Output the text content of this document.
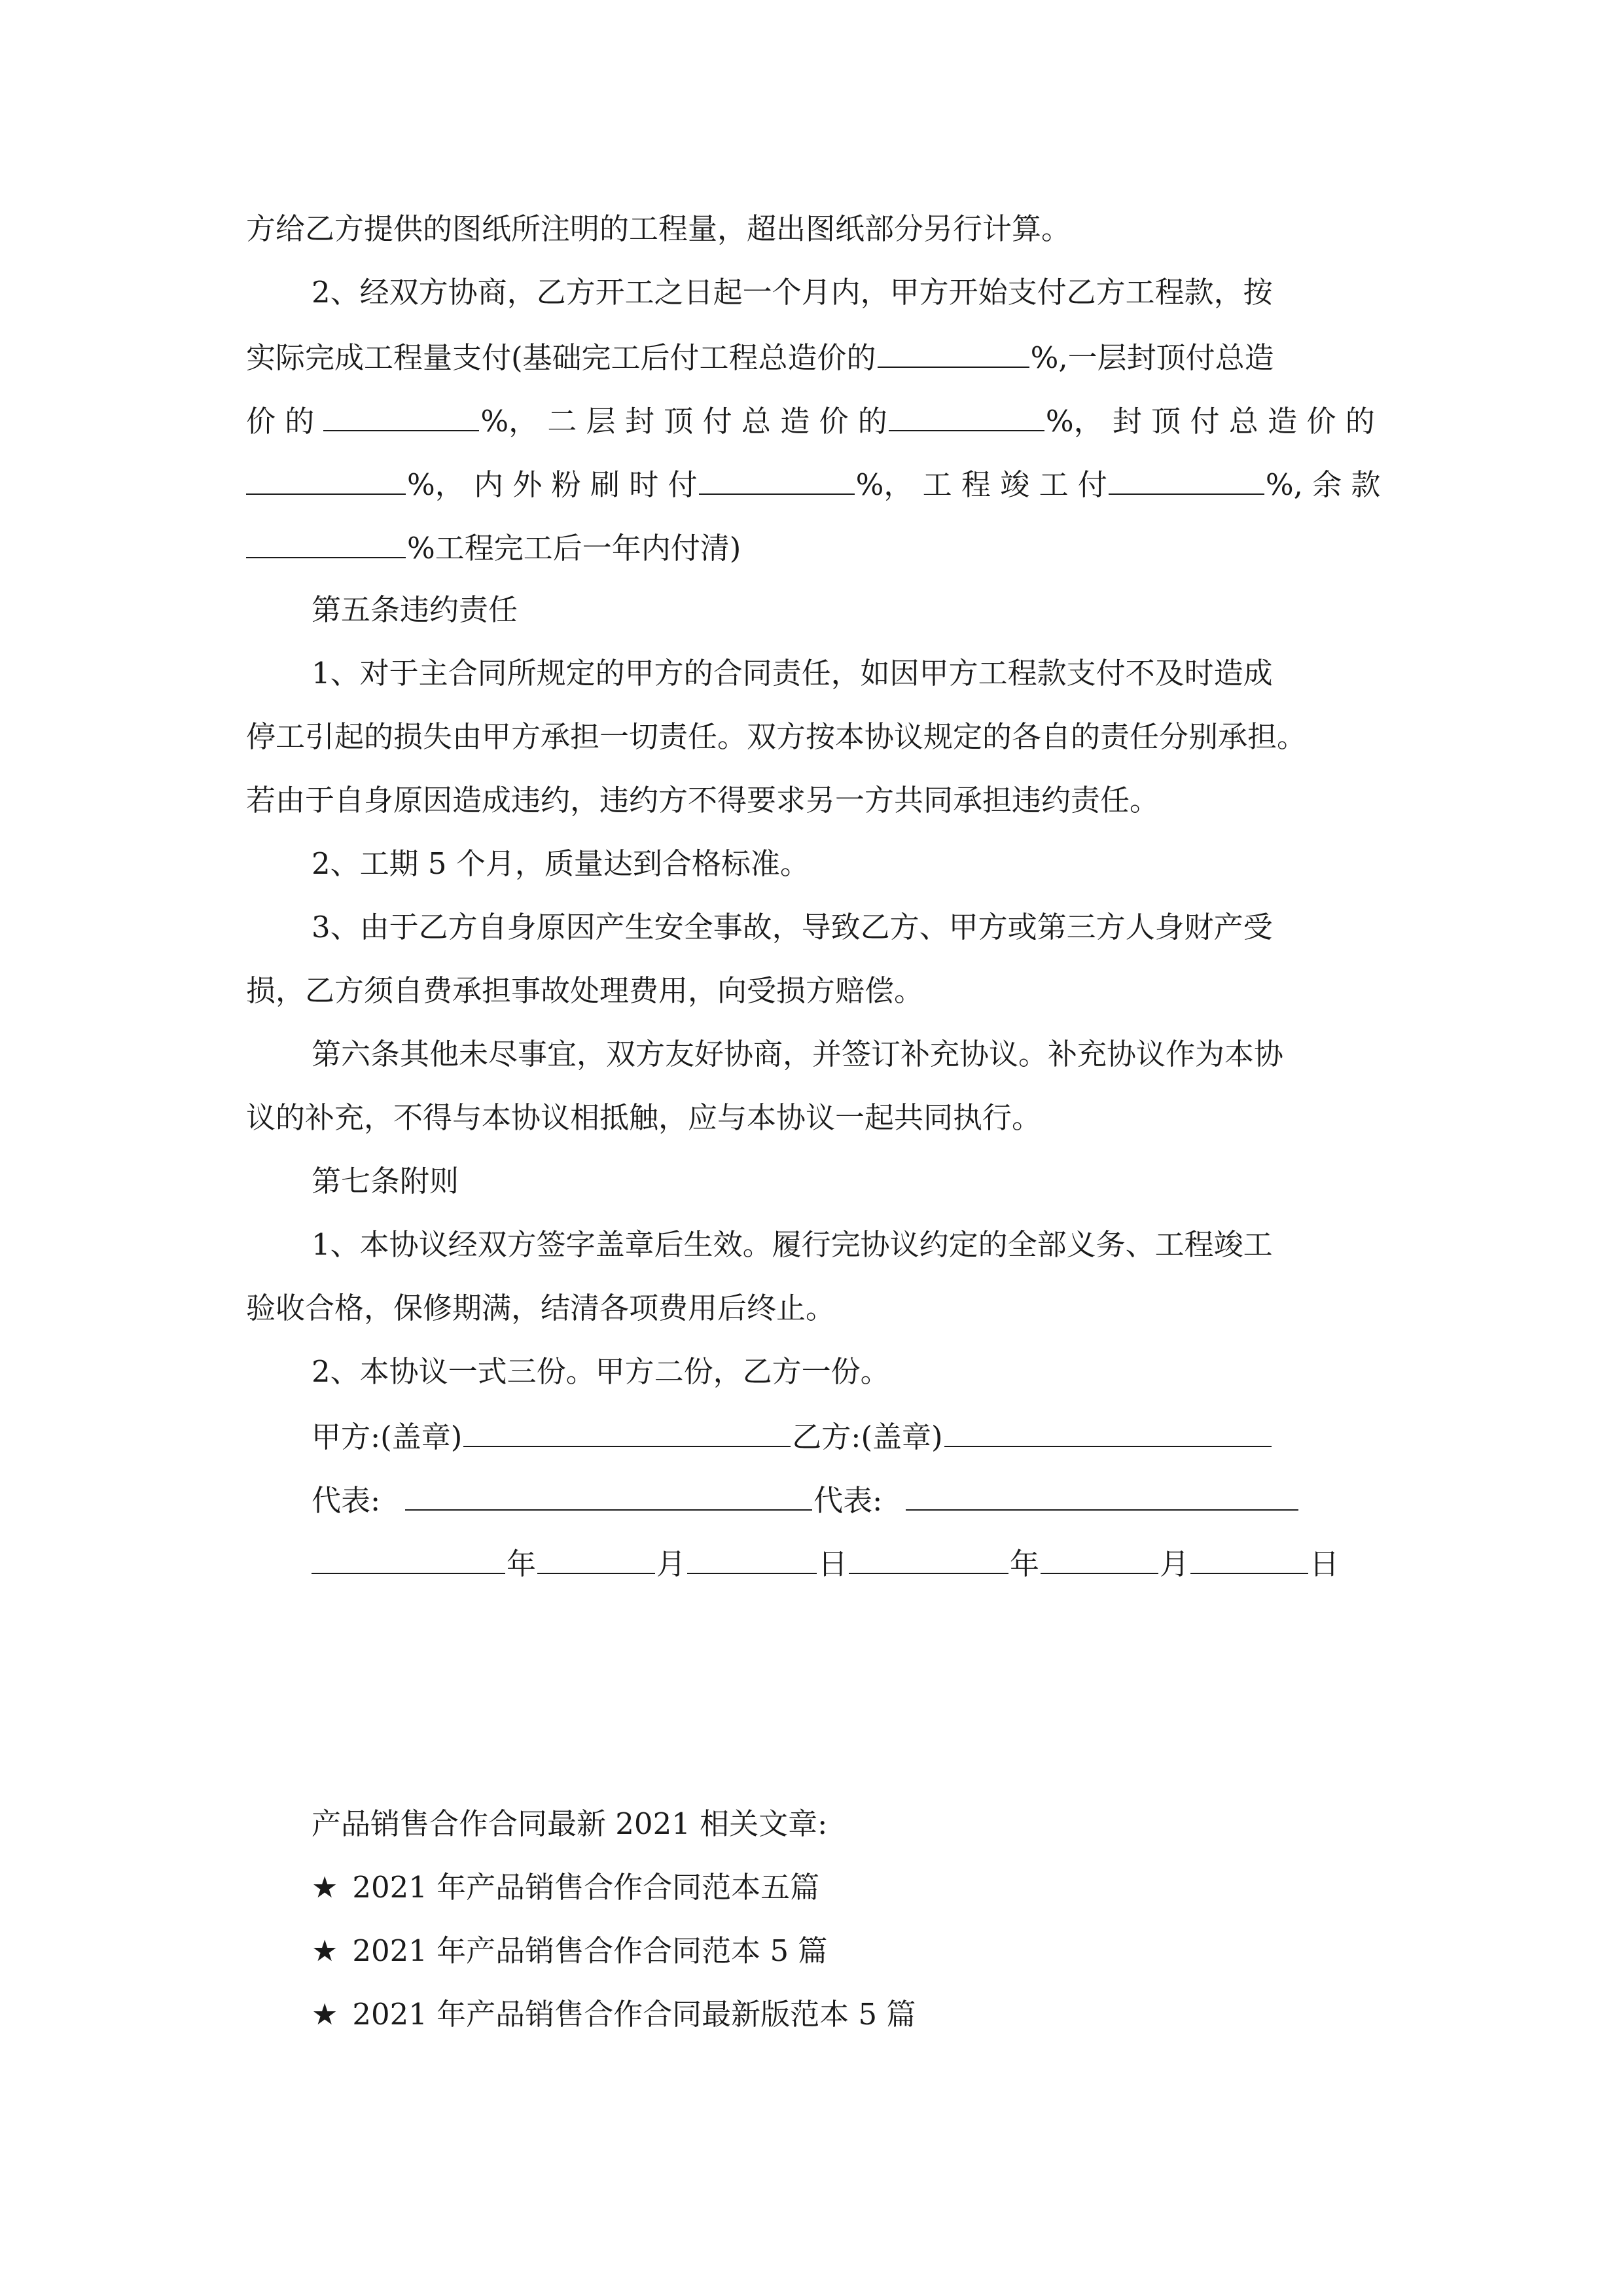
方给乙方提供的图纸所注明的工程量，超出图纸部分另行计算。

2、经双方协商，乙方开工之日起一个月内，甲方开始支付乙方工程款，按

实际完成工程量支付(基础完工后付工程总造价的	%,一层封顶付总造

价 的	%， 二 层 封 顶 付 总 造 价 的	%， 封 顶 付 总 造 价 的

%， 内 外 粉 刷 时 付	%， 工 程 竣 工 付	%, 余 款

%工程完工后一年内付清)

第五条违约责任

1、对于主合同所规定的甲方的合同责任，如因甲方工程款支付不及时造成

停工引起的损失由甲方承担一切责任。双方按本协议规定的各自的责任分别承担。

若由于自身原因造成违约，违约方不得要求另一方共同承担违约责任。

2、工期 5 个月，质量达到合格标准。

3、由于乙方自身原因产生安全事故，导致乙方、甲方或第三方人身财产受

损，乙方须自费承担事故处理费用，向受损方赔偿。

第六条其他未尽事宜，双方友好协商，并签订补充协议。补充协议作为本协

议的补充，不得与本协议相抵触，应与本协议一起共同执行。

第七条附则

1、本协议经双方签字盖章后生效。履行完协议约定的全部义务、工程竣工

验收合格，保修期满，结清各项费用后终止。

2、本协议一式三份。甲方二份，乙方一份。

甲方:(盖章)	乙方:(盖章)

代表:	代表:

年	月	日	年	月	日

产品销售合作合同最新 2021 相关文章:

★ 2021 年产品销售合作合同范本五篇

★ 2021 年产品销售合作合同范本 5 篇

★ 2021 年产品销售合作合同最新版范本 5 篇
